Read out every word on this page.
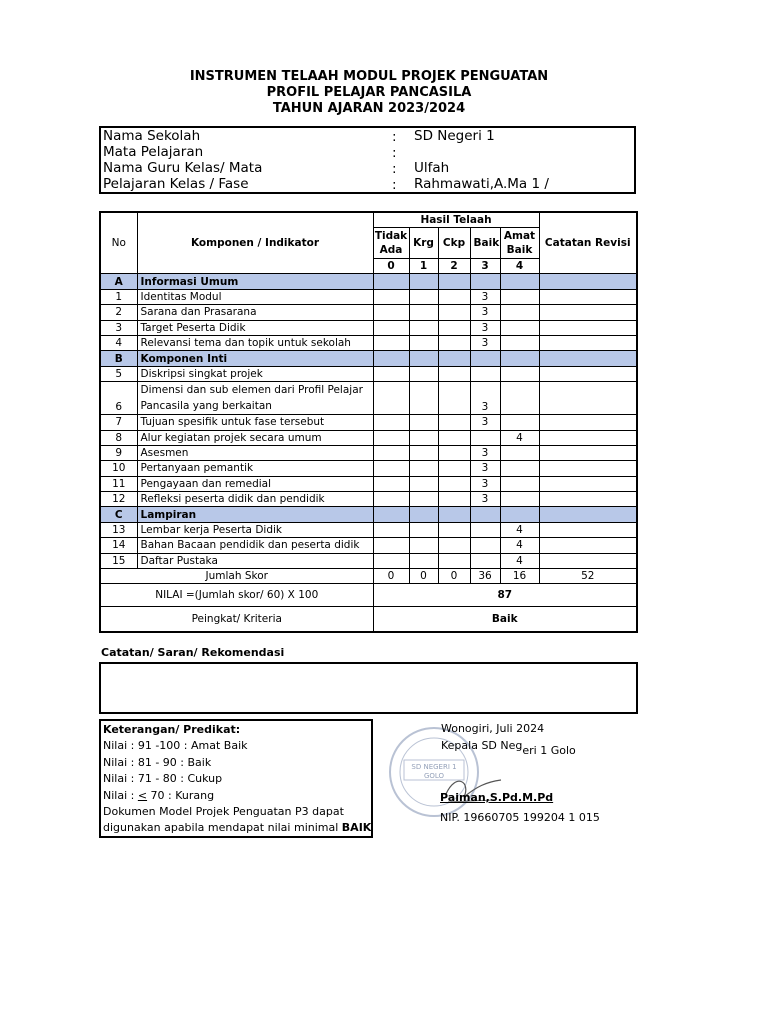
INSTRUMEN TELAAH MODUL PROJEK PENGUATAN
PROFIL PELAJAR PANCASILA
TAHUN AJARAN 2023/2024
Nama Sekolah	: SD Negeri 1
Mata Pelajaran	:
Nama Guru Kelas/ Mata	: Ulfah
Pelajaran Kelas / Fase	: Rahmawati,A.Ma 1 /
No	Komponen / Indikator	Hasil Telaah					Catatan Revisi
		Tidak Ada	Krg	Ckp	Baik	Amat Baik	
		0	1	2	3	4	
A	Informasi Umum						
1	Identitas Modul				3		
2	Sarana dan Prasarana				3		
3	Target Peserta Didik				3		
4	Relevansi tema dan topik untuk sekolah				3		
B	Komponen Inti						
5	Diskripsi singkat projek						
6	Dimensi dan sub elemen dari Profil Pelajar Pancasila yang berkaitan				3		
7	Tujuan spesifik untuk fase tersebut				3		
8	Alur kegiatan projek secara umum					4	
9	Asesmen				3		
10	Pertanyaan pemantik				3		
11	Pengayaan dan remedial				3		
12	Refleksi peserta didik dan pendidik				3		
C	Lampiran						
13	Lembar kerja Peserta Didik					4	
14	Bahan Bacaan pendidik dan peserta didik					4	
15	Daftar Pustaka					4	
Jumlah Skor		0	0	0	36	16	52
NILAI =(Jumlah skor/ 60) X 100		87					
Peingkat/ Kriteria		Baik					
Catatan/ Saran/ Rekomendasi
Keterangan/ Predikat:
Nilai : 91 -100 : Amat Baik
Nilai : 81 - 90 : Baik
Nilai : 71 - 80 : Cukup
Nilai : < 70 : Kurang
Dokumen Model Projek Penguatan P3 dapat
digunakan apabila mendapat nilai minimal BAIK
SD NEGERI 1
GOLO
Wonogiri, Juli 2024
Kepala SD Negeri 1 Golo
Paiman,S.Pd.M.Pd
NIP. 19660705 199204 1 015
